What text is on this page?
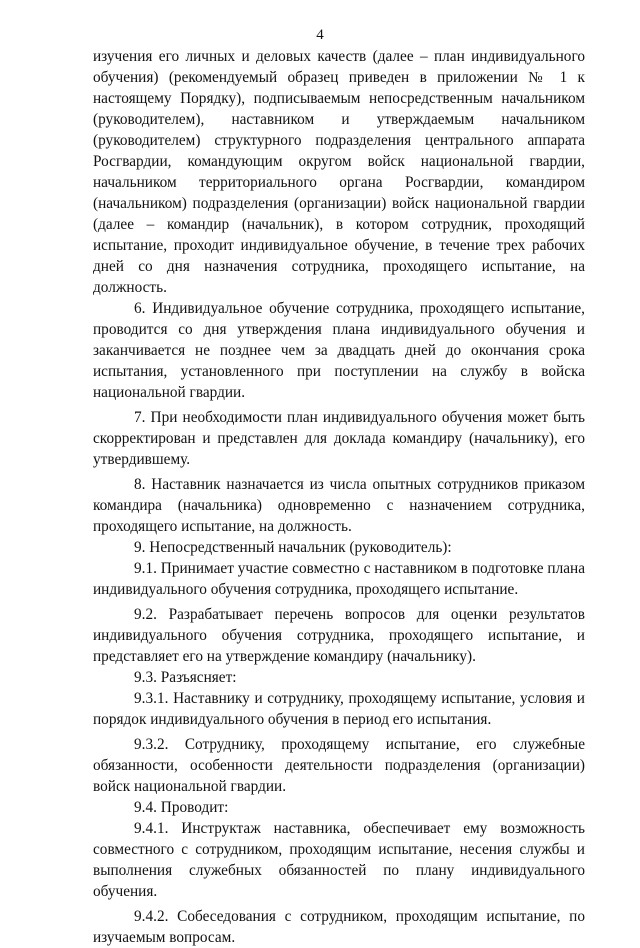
4

изучения его личных и деловых качеств (далее – план индивидуального обучения) (рекомендуемый образец приведен в приложении № 1 к настоящему Порядку), подписываемым непосредственным начальником (руководителем), наставником и утверждаемым начальником (руководителем) структурного подразделения центрального аппарата Росгвардии, командующим округом войск национальной гвардии, начальником территориального органа Росгвардии, командиром (начальником) подразделения (организации) войск национальной гвардии (далее – командир (начальник), в котором сотрудник, проходящий испытание, проходит индивидуальное обучение, в течение трех рабочих дней со дня назначения сотрудника, проходящего испытание, на должность.

6. Индивидуальное обучение сотрудника, проходящего испытание, проводится со дня утверждения плана индивидуального обучения и заканчивается не позднее чем за двадцать дней до окончания срока испытания, установленного при поступлении на службу в войска национальной гвардии.

7. При необходимости план индивидуального обучения может быть скорректирован и представлен для доклада командиру (начальнику), его утвердившему.

8. Наставник назначается из числа опытных сотрудников приказом командира (начальника) одновременно с назначением сотрудника, проходящего испытание, на должность.

9. Непосредственный начальник (руководитель):

9.1. Принимает участие совместно с наставником в подготовке плана индивидуального обучения сотрудника, проходящего испытание.

9.2. Разрабатывает перечень вопросов для оценки результатов индивидуального обучения сотрудника, проходящего испытание, и представляет его на утверждение командиру (начальнику).

9.3. Разъясняет:

9.3.1. Наставнику и сотруднику, проходящему испытание, условия и порядок индивидуального обучения в период его испытания.

9.3.2. Сотруднику, проходящему испытание, его служебные обязанности, особенности деятельности подразделения (организации) войск национальной гвардии.

9.4. Проводит:

9.4.1. Инструктаж наставника, обеспечивает ему возможность совместного с сотрудником, проходящим испытание, несения службы и выполнения служебных обязанностей по плану индивидуального обучения.

9.4.2. Собеседования с сотрудником, проходящим испытание, по изучаемым вопросам.
